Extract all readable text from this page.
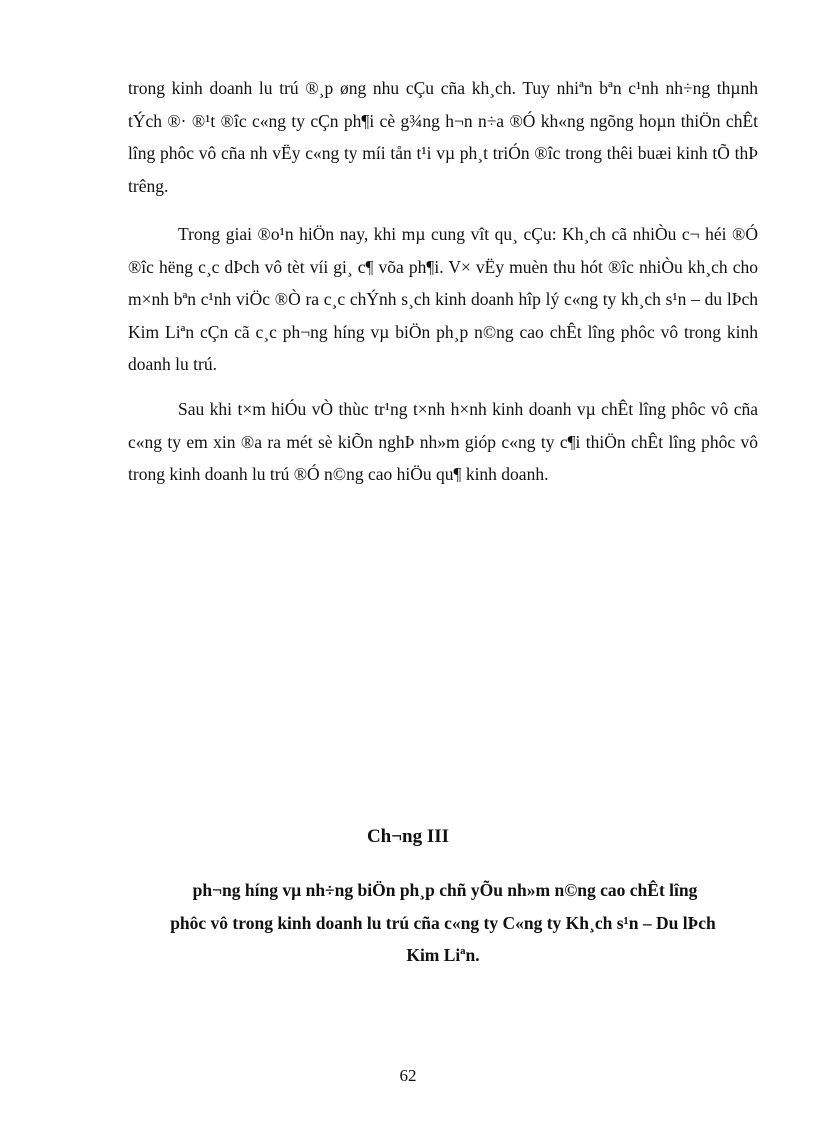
trong kinh doanh lu trú ®¸p øng nhu cÇu cña kh¸ch. Tuy nhiªn bªn c¹nh nh÷ng thµnh tÝch ®· ®¹t ®îc c«ng ty cÇn ph¶i cè g¾ng h¬n n÷a ®Ó kh«ng ngõng hoµn thiÖn chÊt lîng phôc vô cña nh vËy c«ng ty míi tån t¹i vµ ph¸t triÓn ®îc trong thêi buæi kinh tÕ thÞ trêng.

Trong giai ®o¹n hiÖn nay, khi mµ cung vît qu¸ cÇu: Kh¸ch cã nhiÒu c¬ héi ®Ó ®îc hëng c¸c dÞch vô tèt víi gi¸ c¶ võa ph¶i. V× vËy muèn thu hót ®îc nhiÒu kh¸ch cho m×nh bªn c¹nh viÖc ®Ò ra c¸c chÝnh s¸ch kinh doanh hîp lý c«ng ty kh¸ch s¹n – du lÞch Kim Liªn cÇn cã c¸c ph¬ng híng vµ biÖn ph¸p n©ng cao chÊt lîng phôc vô trong kinh doanh lu trú.

Sau khi t×m hiÓu vÒ thùc tr¹ng t×nh h×nh kinh doanh vµ chÊt lîng phôc vô cña c«ng ty em xin ®a ra mét sè kiÕn nghÞ nh»m gióp c«ng ty c¶i thiÖn chÊt lîng phôc vô trong kinh doanh lu trú ®Ó n©ng cao hiÖu qu¶ kinh doanh.

Ch¬ng III
ph¬ng híng vµ nh÷ng biÖn ph¸p chñ yÕu nh»m n©ng cao chÊt lîng
phôc vô trong kinh doanh lu trú cña c«ng ty C«ng ty Kh¸ch s¹n – Du lÞch
Kim Liªn.
62
